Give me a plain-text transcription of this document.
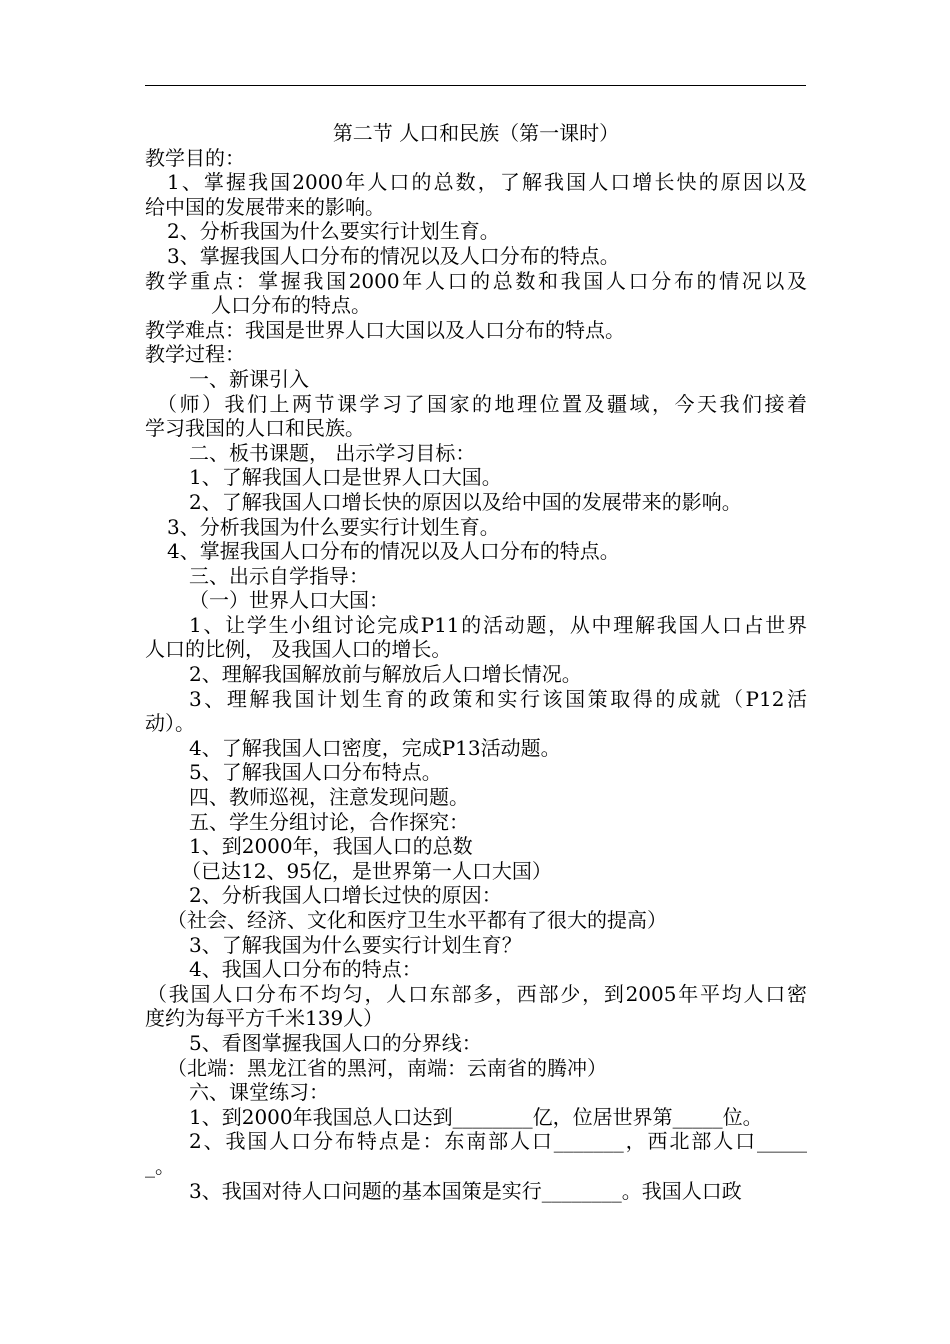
第二节 人口和民族（第一课时）
教学目的：
1、掌握我国2000年人口的总数，了解我国人口增长快的原因以及
给中国的发展带来的影响。
2、分析我国为什么要实行计划生育。
3、掌握我国人口分布的情况以及人口分布的特点。
教学重点：掌握我国2000年人口的总数和我国人口分布的情况以及
人口分布的特点。
教学难点：我国是世界人口大国以及人口分布的特点。
教学过程：
一、新课引入
（师）我们上两节课学习了国家的地理位置及疆域，今天我们接着
学习我国的人口和民族。
二、板书课题， 出示学习目标：
1、了解我国人口是世界人口大国。
2、了解我国人口增长快的原因以及给中国的发展带来的影响。
3、分析我国为什么要实行计划生育。
4、掌握我国人口分布的情况以及人口分布的特点。
三、出示自学指导：
（一）世界人口大国：
1、让学生小组讨论完成P11的活动题，从中理解我国人口占世界
人口的比例， 及我国人口的增长。
2、理解我国解放前与解放后人口增长情况。
3、理解我国计划生育的政策和实行该国策取得的成就（P12活
动）。
4、了解我国人口密度，完成P13活动题。
5、了解我国人口分布特点。
四、教师巡视，注意发现问题。
五、学生分组讨论，合作探究：
1、到2000年，我国人口的总数
（已达12、95亿，是世界第一人口大国）
2、分析我国人口增长过快的原因：
（社会、经济、文化和医疗卫生水平都有了很大的提高）
3、了解我国为什么要实行计划生育？
4、我国人口分布的特点：
（我国人口分布不均匀，人口东部多，西部少，到2005年平均人口密
度约为每平方千米139人）
5、看图掌握我国人口的分界线：
（北端：黑龙江省的黑河，南端：云南省的腾冲）
六、课堂练习：
1、到2000年我国总人口达到________亿，位居世界第_____位。
2、我国人口分布特点是：东南部人口_______，西北部人口_____
_。
3、我国对待人口问题的基本国策是实行________。我国人口政
